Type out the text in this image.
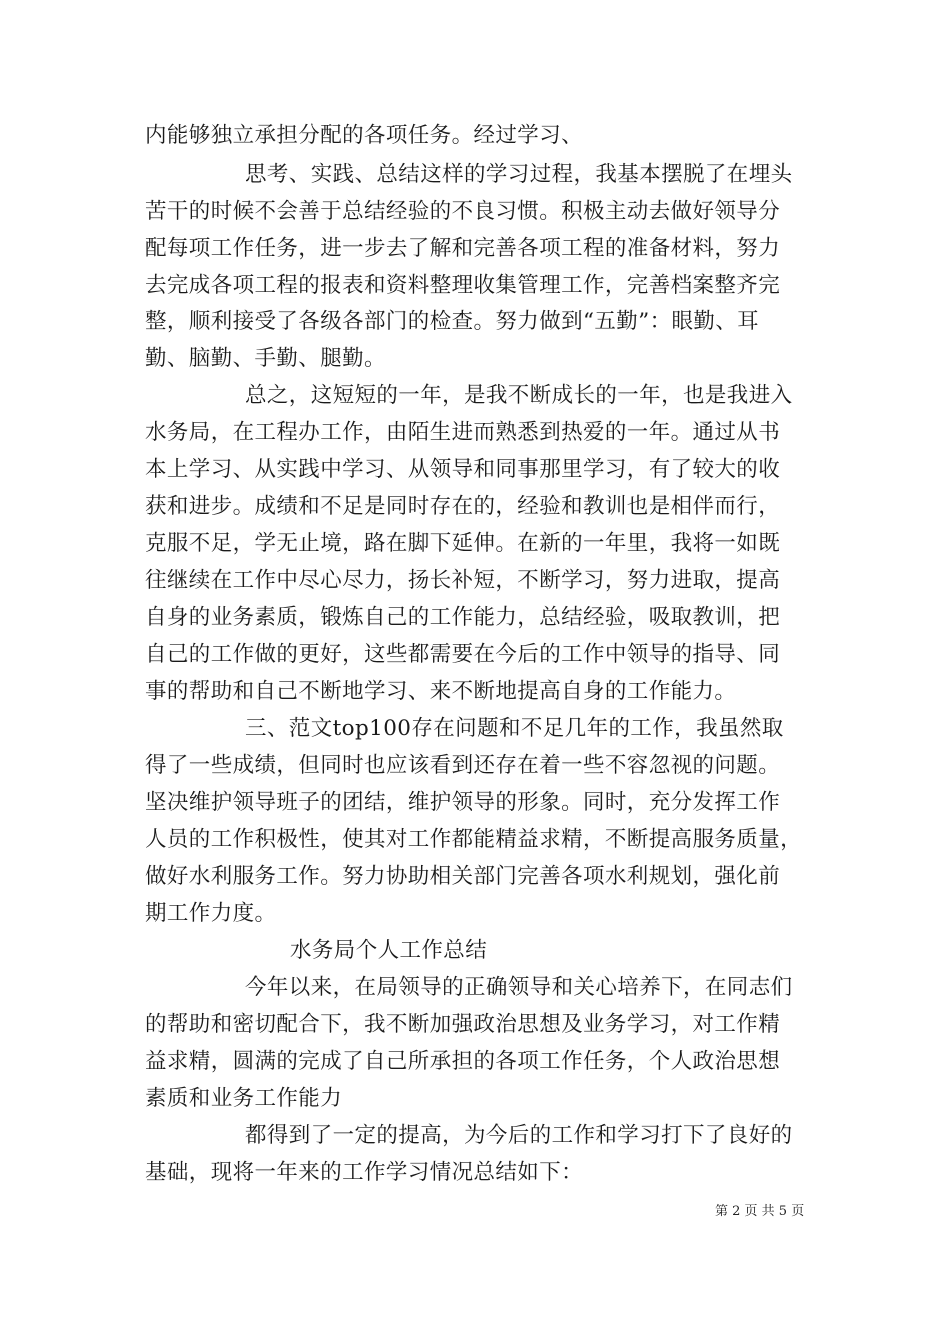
内能够独立承担分配的各项任务。经过学习、
思考、实践、总结这样的学习过程，我基本摆脱了在埋头
苦干的时候不会善于总结经验的不良习惯。积极主动去做好领导分
配每项工作任务，进一步去了解和完善各项工程的准备材料，努力
去完成各项工程的报表和资料整理收集管理工作，完善档案整齐完
整，顺利接受了各级各部门的检查。努力做到“五勤”：眼勤、耳
勤、脑勤、手勤、腿勤。
总之，这短短的一年，是我不断成长的一年，也是我进入
水务局，在工程办工作，由陌生进而熟悉到热爱的一年。通过从书
本上学习、从实践中学习、从领导和同事那里学习，有了较大的收
获和进步。成绩和不足是同时存在的，经验和教训也是相伴而行，
克服不足，学无止境，路在脚下延伸。在新的一年里，我将一如既
往继续在工作中尽心尽力，扬长补短，不断学习，努力进取，提高
自身的业务素质，锻炼自己的工作能力，总结经验，吸取教训，把
自己的工作做的更好，这些都需要在今后的工作中领导的指导、同
事的帮助和自己不断地学习、来不断地提高自身的工作能力。
三、范文top100存在问题和不足几年的工作，我虽然取
得了一些成绩，但同时也应该看到还存在着一些不容忽视的问题。
坚决维护领导班子的团结，维护领导的形象。同时，充分发挥工作
人员的工作积极性，使其对工作都能精益求精，不断提高服务质量，
做好水利服务工作。努力协助相关部门完善各项水利规划，强化前
期工作力度。
水务局个人工作总结
今年以来，在局领导的正确领导和关心培养下，在同志们
的帮助和密切配合下，我不断加强政治思想及业务学习，对工作精
益求精，圆满的完成了自己所承担的各项工作任务，个人政治思想
素质和业务工作能力
都得到了一定的提高，为今后的工作和学习打下了良好的
基础，现将一年来的工作学习情况总结如下：
第 2 页 共 5 页
